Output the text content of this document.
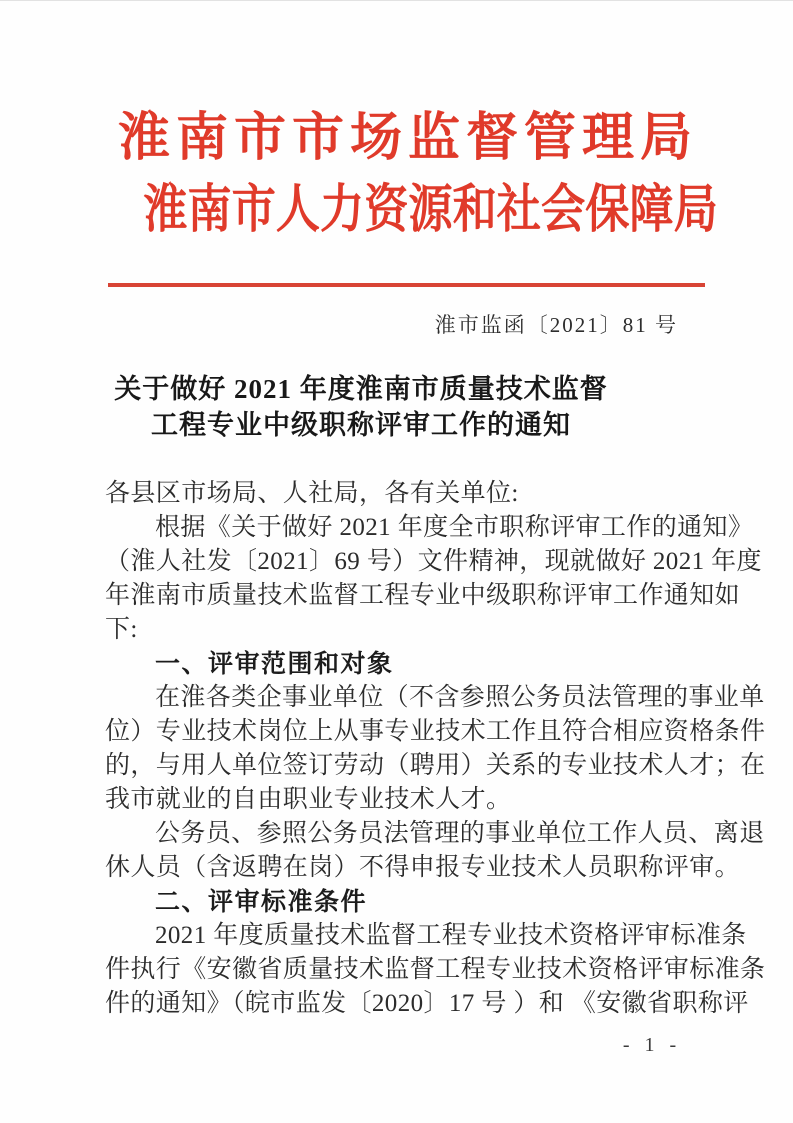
淮南市市场监督管理局
淮南市人力资源和社会保障局
淮市监函〔2021〕81 号
关于做好 2021 年度淮南市质量技术监督
工程专业中级职称评审工作的通知
各县区市场局、人社局，各有关单位:
根据《关于做好 2021 年度全市职称评审工作的通知》
（淮人社发〔2021〕69 号）文件精神，现就做好 2021 年度
年淮南市质量技术监督工程专业中级职称评审工作通知如
下:
一、评审范围和对象
在淮各类企事业单位（不含参照公务员法管理的事业单
位）专业技术岗位上从事专业技术工作且符合相应资格条件
的，与用人单位签订劳动（聘用）关系的专业技术人才；在
我市就业的自由职业专业技术人才。
公务员、参照公务员法管理的事业单位工作人员、离退
休人员（含返聘在岗）不得申报专业技术人员职称评审。
二、评审标准条件
2021 年度质量技术监督工程专业技术资格评审标准条
件执行《安徽省质量技术监督工程专业技术资格评审标准条
件的通知》（皖市监发〔2020〕17 号 ）和 《安徽省职称评
- 1 -
